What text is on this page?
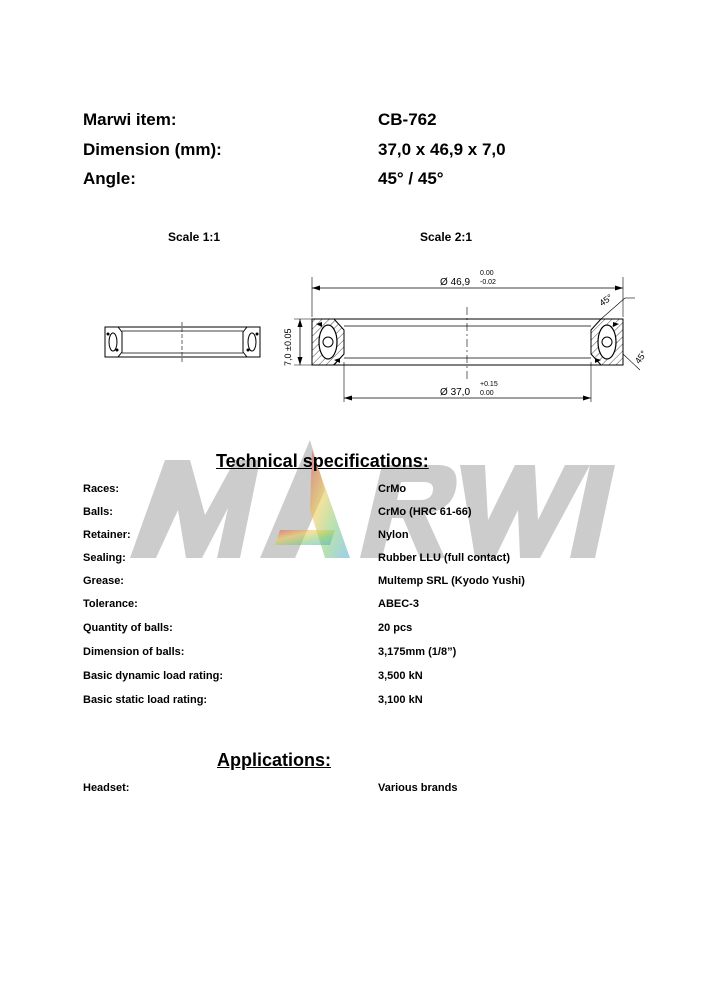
Marwi item:	CB-762
Dimension (mm):	37,0 x 46,9 x 7,0
Angle:	45° / 45°
Scale 1:1	Scale 2:1
Ø 46,9
0.00
-0.02
Ø 37,0
+0.15
0.00
7,0 ±0.05
45°
45°
Technical specifications:
Races:	CrMo
Balls:	CrMo (HRC 61-66)
Retainer:	Nylon
Sealing:	Rubber LLU (full contact)
Grease:	Multemp SRL (Kyodo Yushi)
Tolerance:	ABEC-3
Quantity of balls:	20 pcs
Dimension of balls:	3,175mm (1/8”)
Basic dynamic load rating:	3,500 kN
Basic static load rating:	3,100 kN
Applications:
Headset:	Various brands
